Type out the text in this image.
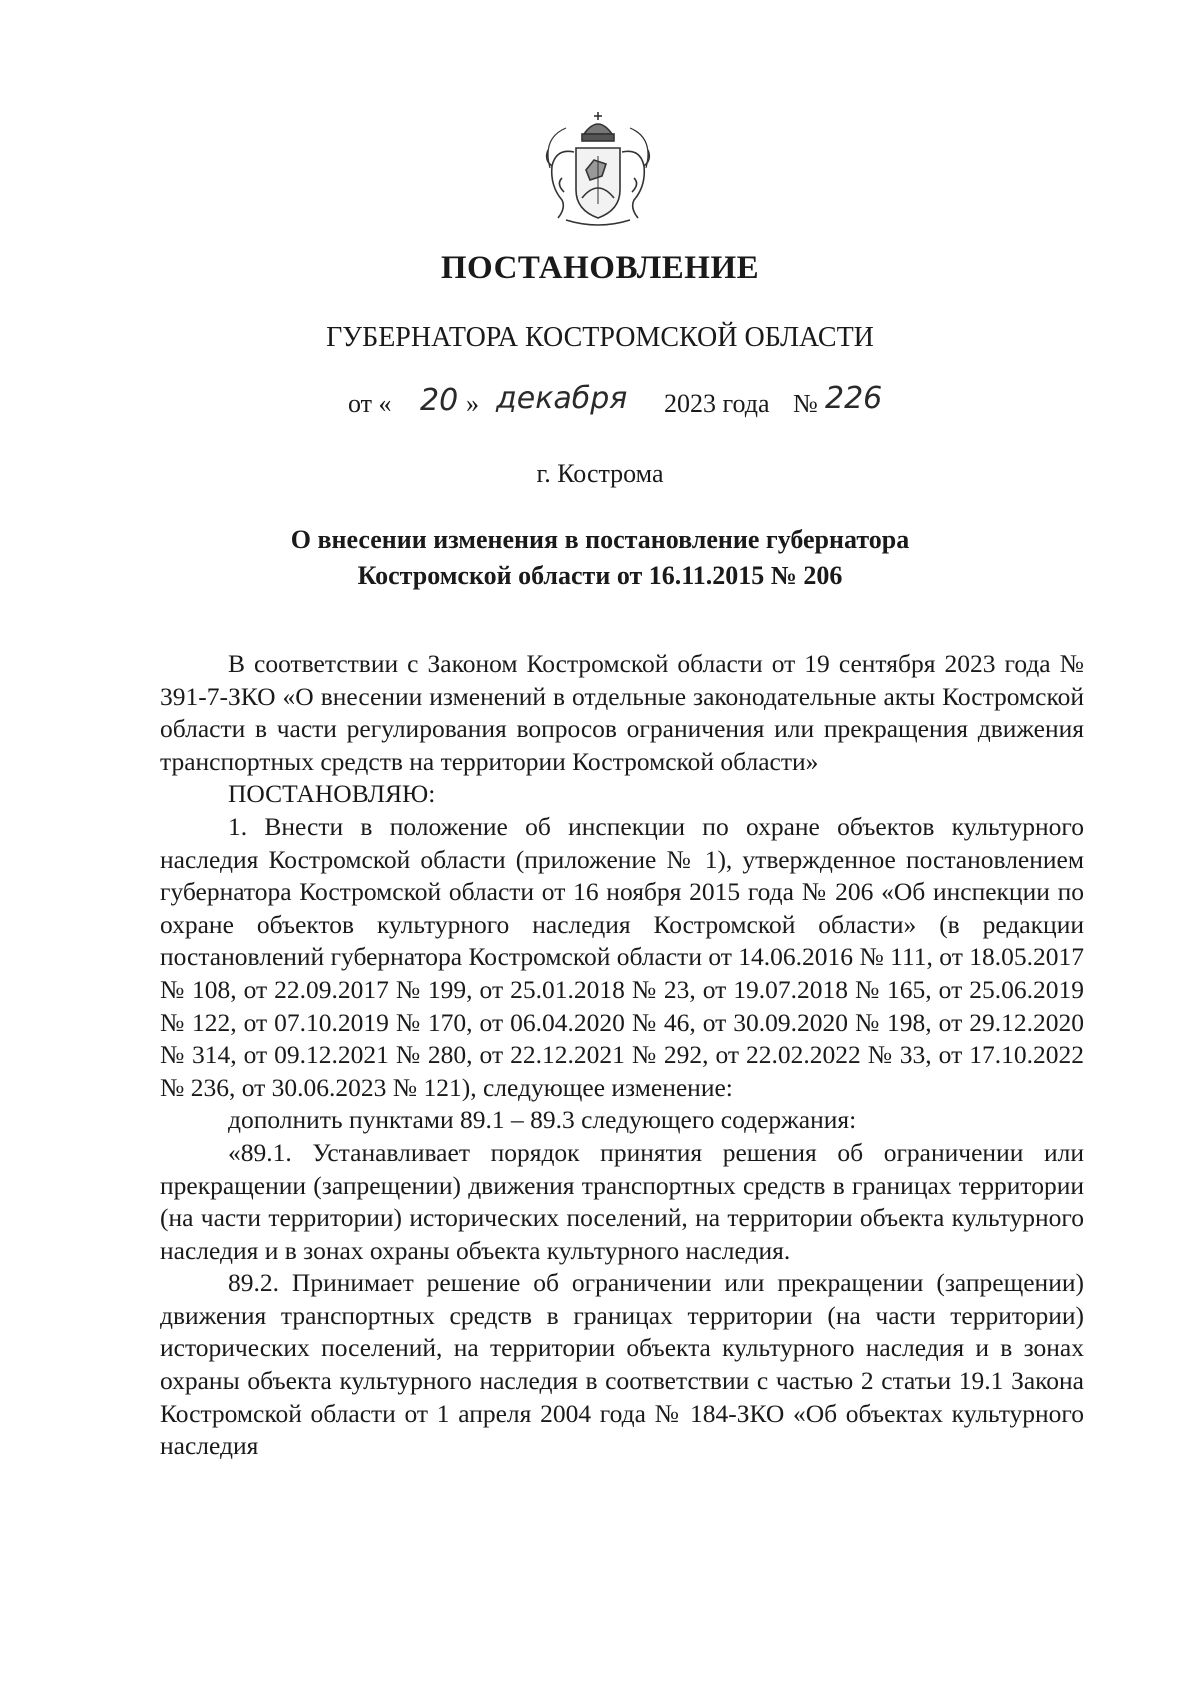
ПОСТАНОВЛЕНИЕ
ГУБЕРНАТОРА КОСТРОМСКОЙ ОБЛАСТИ
от « 20 » декабря 2023 года № 226

г. Кострома

О внесении изменения в постановление губернатора
Костромской области от 16.11.2015 № 206

В соответствии с Законом Костромской области от 19 сентября 2023 года № 391-7-ЗКО «О внесении изменений в отдельные законодательные акты Костромской области в части регулирования вопросов ограничения или прекращения движения транспортных средств на территории Костромской области»

ПОСТАНОВЛЯЮ:

1. Внести в положение об инспекции по охране объектов культурного наследия Костромской области (приложение № 1), утвержденное постановлением губернатора Костромской области от 16 ноября 2015 года № 206 «Об инспекции по охране объектов культурного наследия Костромской области» (в редакции постановлений губернатора Костромской области от 14.06.2016 № 111, от 18.05.2017 № 108, от 22.09.2017 № 199, от 25.01.2018 № 23, от 19.07.2018 № 165, от 25.06.2019 № 122, от 07.10.2019 № 170, от 06.04.2020 № 46, от 30.09.2020 № 198, от 29.12.2020 № 314, от 09.12.2021 № 280, от 22.12.2021 № 292, от 22.02.2022 № 33, от 17.10.2022 № 236, от 30.06.2023 № 121), следующее изменение:

дополнить пунктами 89.1 – 89.3 следующего содержания:

«89.1. Устанавливает порядок принятия решения об ограничении или прекращении (запрещении) движения транспортных средств в границах территории (на части территории) исторических поселений, на территории объекта культурного наследия и в зонах охраны объекта культурного наследия.

89.2. Принимает решение об ограничении или прекращении (запрещении) движения транспортных средств в границах территории (на части территории) исторических поселений, на территории объекта культурного наследия и в зонах охраны объекта культурного наследия в соответствии с частью 2 статьи 19.1 Закона Костромской области от 1 апреля 2004 года № 184-ЗКО «Об объектах культурного наследия
